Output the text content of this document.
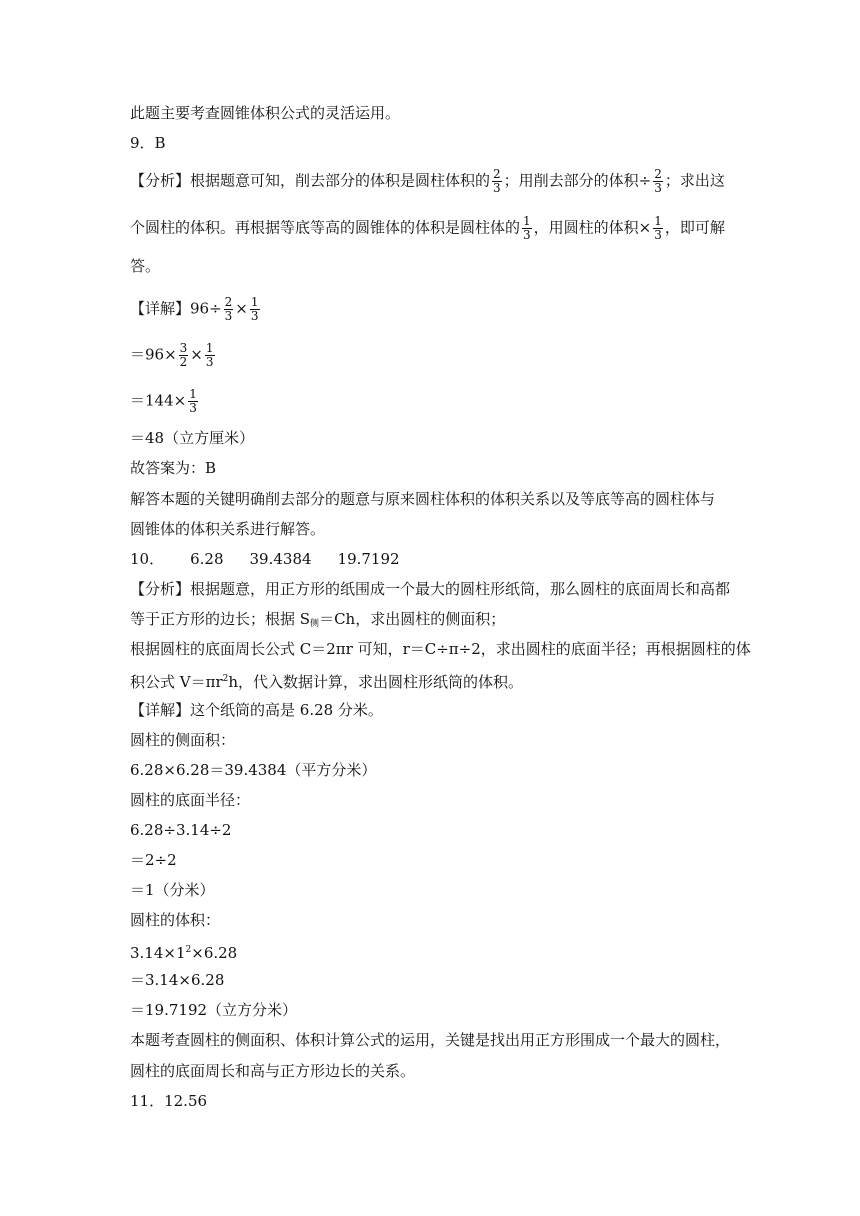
此题主要考查圆锥体积公式的灵活运用。
9．B
【分析】根据题意可知，削去部分的体积是圆柱体积的 $\frac{2}{3}$ ；用削去部分的体积÷ $\frac{2}{3}$ ；求出这
个圆柱的体积。再根据等底等高的圆锥体的体积是圆柱体的 $\frac{1}{3}$ ，用圆柱的体积× $\frac{1}{3}$ ，即可解
答。
【详解】$96\div \frac{2}{3} \times \frac{1}{3}$
$=96\times \frac{3}{2} \times \frac{1}{3}$
$=144\times \frac{1}{3}$
＝48（立方厘米）
故答案为：B
解答本题的关键明确削去部分的题意与原来圆柱体积的体积关系以及等底等高的圆柱体与
圆锥体的体积关系进行解答。
10． 6.28 39.4384 19.7192
【分析】根据题意，用正方形的纸围成一个最大的圆柱形纸筒，那么圆柱的底面周长和高都
等于正方形的边长；根据 $S_侧=Ch$，求出圆柱的侧面积；
根据圆柱的底面周长公式 C＝2πr 可知，r＝C÷π÷2，求出圆柱的底面半径；再根据圆柱的体
积公式 $V=\pi r^2h$，代入数据计算，求出圆柱形纸筒的体积。
【详解】这个纸筒的高是 6.28 分米。
圆柱的侧面积：
6.28×6.28＝39.4384（平方分米）
圆柱的底面半径：
6.28÷3.14÷2
＝2÷2
＝1（分米）
圆柱的体积：
$3.14\times 1^2\times 6.28$
＝3.14×6.28
＝19.7192（立方分米）
本题考查圆柱的侧面积、体积计算公式的运用，关键是找出用正方形围成一个最大的圆柱，
圆柱的底面周长和高与正方形边长的关系。
11．12.56
